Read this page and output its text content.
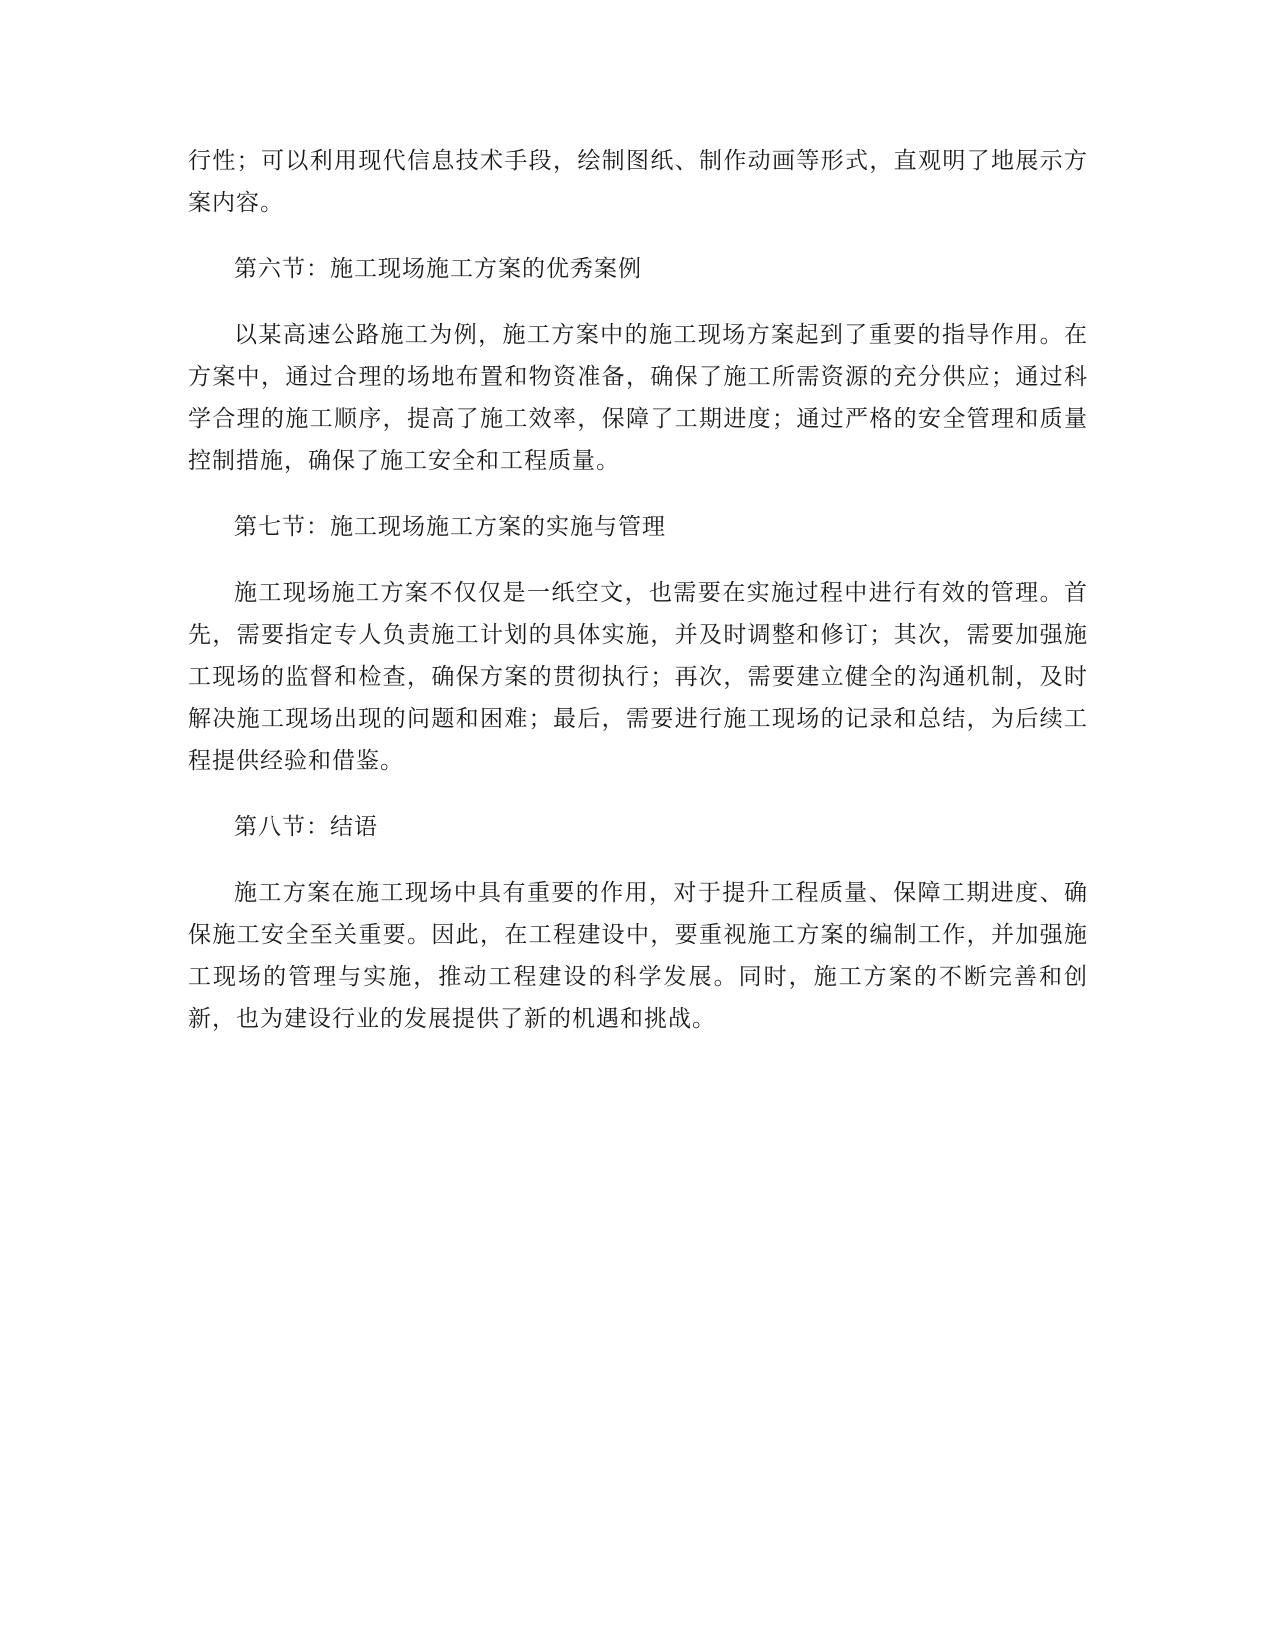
行性；可以利用现代信息技术手段，绘制图纸、制作动画等形式，直观明了地展示方案内容。

第六节：施工现场施工方案的优秀案例

以某高速公路施工为例，施工方案中的施工现场方案起到了重要的指导作用。在方案中，通过合理的场地布置和物资准备，确保了施工所需资源的充分供应；通过科学合理的施工顺序，提高了施工效率，保障了工期进度；通过严格的安全管理和质量控制措施，确保了施工安全和工程质量。

第七节：施工现场施工方案的实施与管理

施工现场施工方案不仅仅是一纸空文，也需要在实施过程中进行有效的管理。首先，需要指定专人负责施工计划的具体实施，并及时调整和修订；其次，需要加强施工现场的监督和检查，确保方案的贯彻执行；再次，需要建立健全的沟通机制，及时解决施工现场出现的问题和困难；最后，需要进行施工现场的记录和总结，为后续工程提供经验和借鉴。

第八节：结语

施工方案在施工现场中具有重要的作用，对于提升工程质量、保障工期进度、确保施工安全至关重要。因此，在工程建设中，要重视施工方案的编制工作，并加强施工现场的管理与实施，推动工程建设的科学发展。同时，施工方案的不断完善和创新，也为建设行业的发展提供了新的机遇和挑战。
